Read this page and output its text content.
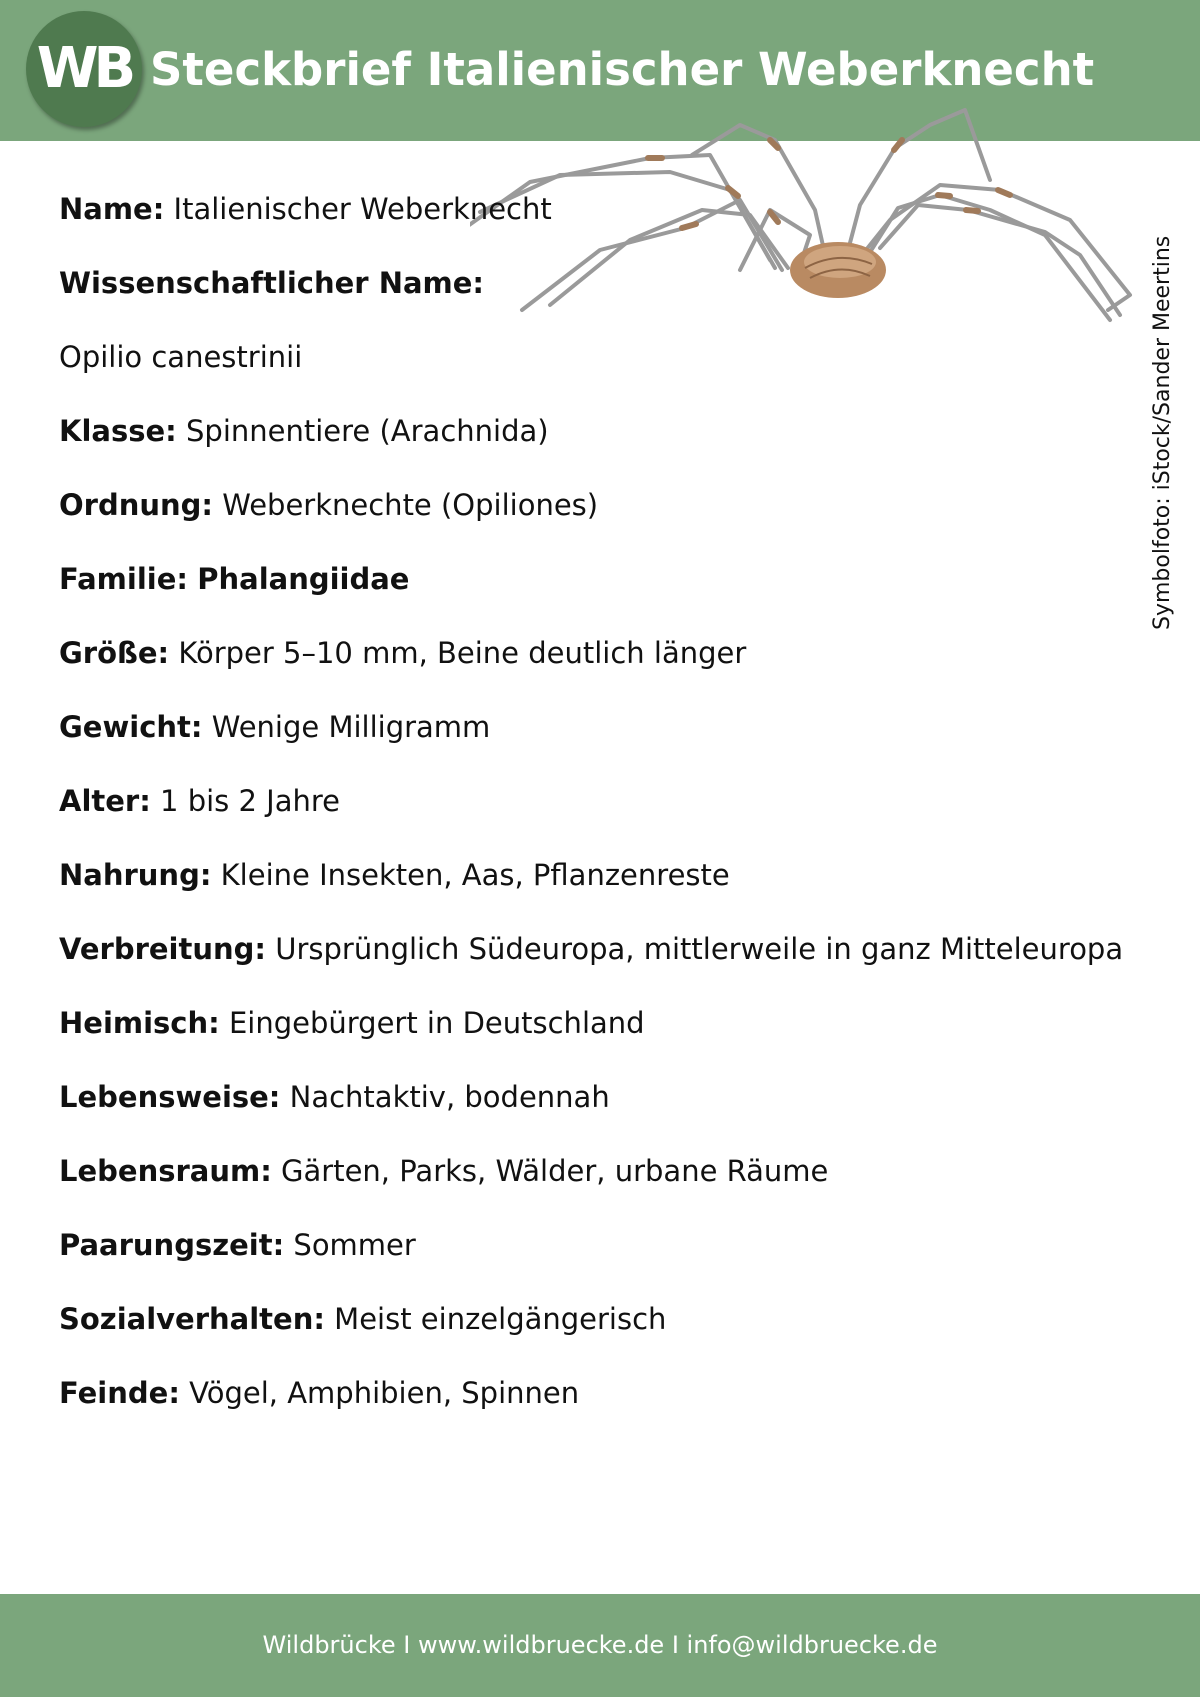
WB Steckbrief Italienischer Weberknecht
Symbolfoto: iStock/Sander Meertins
Name: Italienischer Weberknecht
Wissenschaftlicher Name:
Opilio canestrinii
Klasse: Spinnentiere (Arachnida)
Ordnung: Weberknechte (Opiliones)
Familie: Phalangiidae
Größe: Körper 5–10 mm, Beine deutlich länger
Gewicht: Wenige Milligramm
Alter: 1 bis 2 Jahre
Nahrung: Kleine Insekten, Aas, Pflanzenreste
Verbreitung: Ursprünglich Südeuropa, mittlerweile in ganz Mitteleuropa
Heimisch: Eingebürgert in Deutschland
Lebensweise: Nachtaktiv, bodennah
Lebensraum: Gärten, Parks, Wälder, urbane Räume
Paarungszeit: Sommer
Sozialverhalten: Meist einzelgängerisch
Feinde: Vögel, Amphibien, Spinnen
Wildbrücke I www.wildbruecke.de I info@wildbruecke.de
